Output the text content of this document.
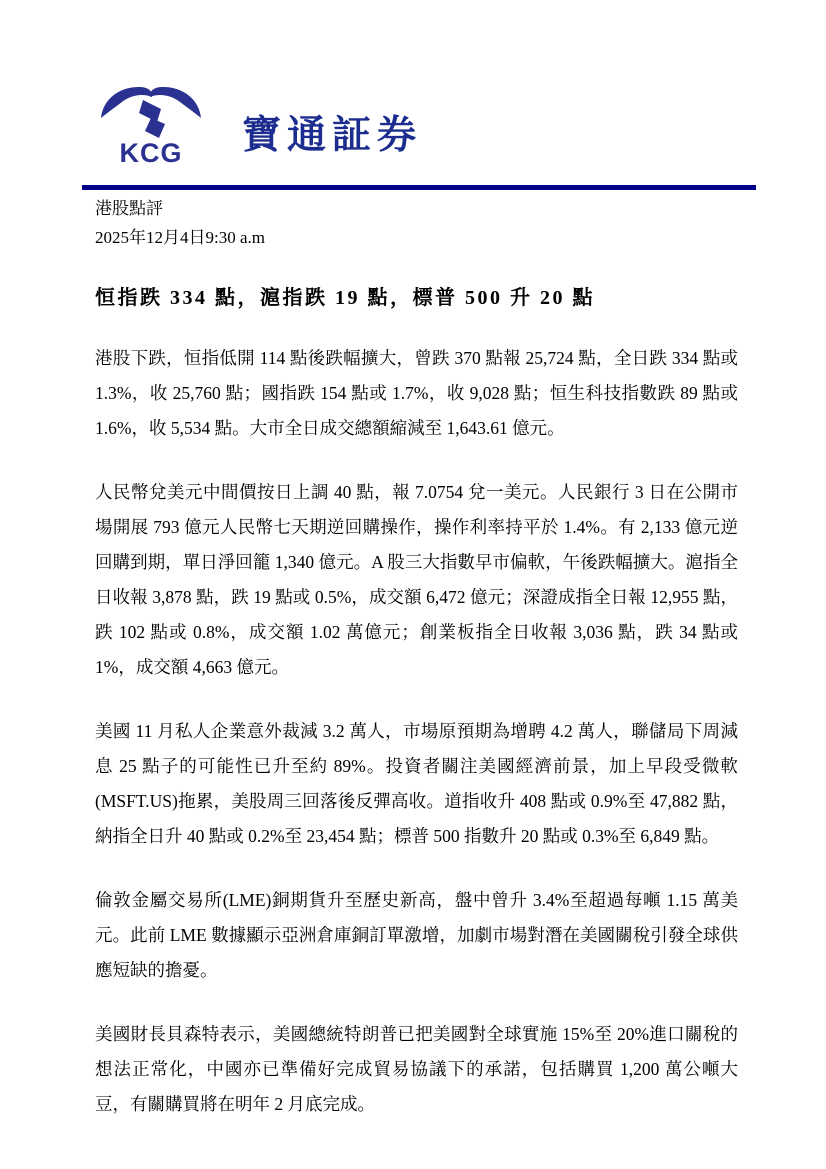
KCG	寶通証券
港股點評
2025年12月4日9:30 a.m
恒指跌 334 點，滬指跌 19 點，標普 500 升 20 點

港股下跌，恒指低開 114 點後跌幅擴大，曾跌 370 點報 25,724 點，全日跌 334 點或 1.3%，收 25,760 點；國指跌 154 點或 1.7%，收 9,028 點；恒生科技指數跌 89 點或 1.6%，收 5,534 點。大市全日成交總額縮減至 1,643.61 億元。

人民幣兌美元中間價按日上調 40 點，報 7.0754 兌一美元。人民銀行 3 日在公開市場開展 793 億元人民幣七天期逆回購操作，操作利率持平於 1.4%。有 2,133 億元逆回購到期，單日淨回籠 1,340 億元。A 股三大指數早市偏軟，午後跌幅擴大。滬指全日收報 3,878 點，跌 19 點或 0.5%，成交額 6,472 億元；深證成指全日報 12,955 點，跌 102 點或 0.8%，成交額 1.02 萬億元；創業板指全日收報 3,036 點，跌 34 點或 1%，成交額 4,663 億元。

美國 11 月私人企業意外裁減 3.2 萬人，市場原預期為增聘 4.2 萬人，聯儲局下周減息 25 點子的可能性已升至約 89%。投資者關注美國經濟前景，加上早段受微軟(MSFT.US)拖累，美股周三回落後反彈高收。道指收升 408 點或 0.9%至 47,882 點，納指全日升 40 點或 0.2%至 23,454 點；標普 500 指數升 20 點或 0.3%至 6,849 點。

倫敦金屬交易所(LME)銅期貨升至歷史新高，盤中曾升 3.4%至超過每噸 1.15 萬美元。此前 LME 數據顯示亞洲倉庫銅訂單激增，加劇市場對潛在美國關稅引發全球供應短缺的擔憂。

美國財長貝森特表示，美國總統特朗普已把美國對全球實施 15%至 20%進口關稅的想法正常化，中國亦已準備好完成貿易協議下的承諾，包括購買 1,200 萬公噸大豆，有關購買將在明年 2 月底完成。
